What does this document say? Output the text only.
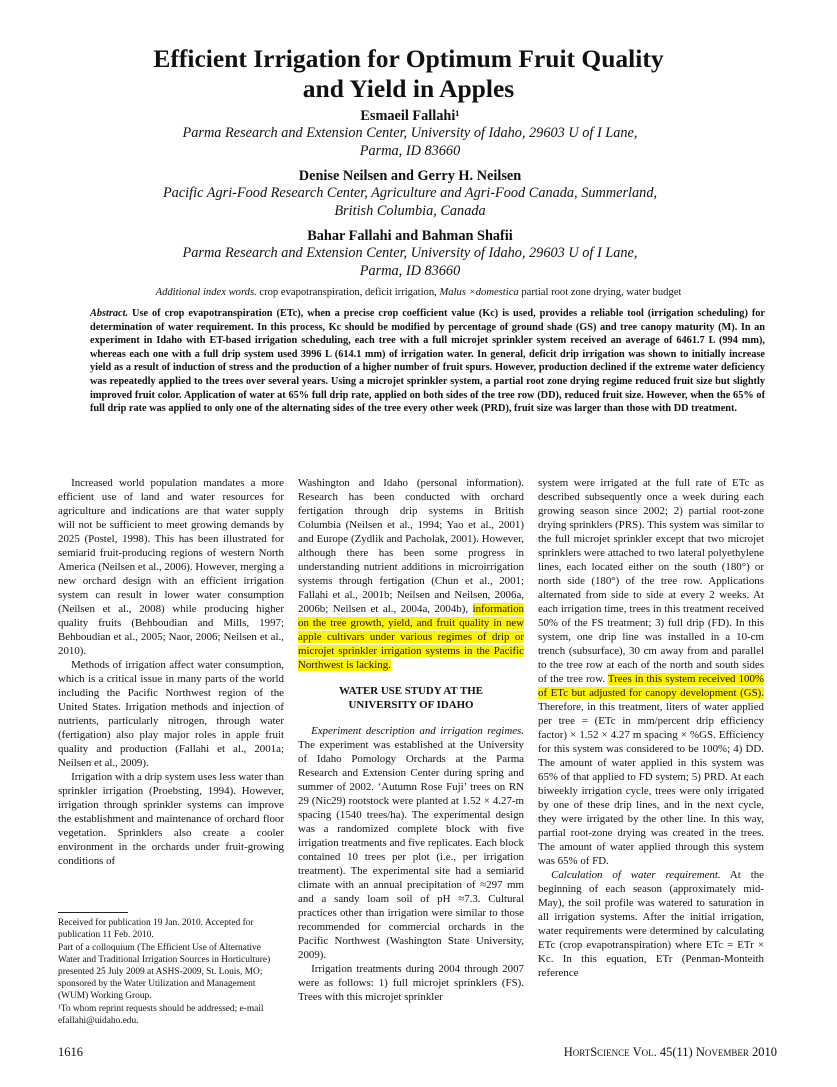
Efficient Irrigation for Optimum Fruit Quality
and Yield in Apples
Esmaeil Fallahi¹
Parma Research and Extension Center, University of Idaho, 29603 U of I Lane,
Parma, ID 83660
Denise Neilsen and Gerry H. Neilsen
Pacific Agri-Food Research Center, Agriculture and Agri-Food Canada, Summerland,
British Columbia, Canada
Bahar Fallahi and Bahman Shafii
Parma Research and Extension Center, University of Idaho, 29603 U of I Lane,
Parma, ID 83660
Additional index words. crop evapotranspiration, deficit irrigation, Malus ×domestica partial root zone drying, water budget

Abstract. Use of crop evapotranspiration (ETc), when a precise crop coefficient value (Kc) is used, provides a reliable tool (irrigation scheduling) for determination of water requirement. In this process, Kc should be modified by percentage of ground shade (GS) and tree canopy maturity (M). In an experiment in Idaho with ET-based irrigation scheduling, each tree with a full microjet sprinkler system received an average of 6461.7 L (994 mm), whereas each one with a full drip system used 3996 L (614.1 mm) of irrigation water. In general, deficit drip irrigation was shown to initially increase yield as a result of induction of stress and the production of a higher number of fruit spurs. However, production declined if the extreme water deficiency was repeatedly applied to the trees over several years. Using a microjet sprinkler system, a partial root zone drying regime reduced fruit size but slightly improved fruit color. Application of water at 65% full drip rate, applied on both sides of the tree row (DD), reduced fruit size. However, when the 65% of full drip rate was applied to only one of the alternating sides of the tree every other week (PRD), fruit size was larger than those with DD treatment.

Increased world population mandates a more efficient use of land and water resources for agriculture and indications are that water supply will not be sufficient to meet growing demands by 2025 (Postel, 1998). This has been illustrated for semiarid fruit-producing regions of western North America (Neilsen et al., 2006). However, merging a new orchard design with an efficient irrigation system can result in lower water consumption (Neilsen et al., 2008) while producing higher quality fruits (Behboudian and Mills, 1997; Behboudian et al., 2005; Naor, 2006; Neilsen et al., 2010).

Methods of irrigation affect water consumption, which is a critical issue in many parts of the world including the Pacific Northwest region of the United States. Irrigation methods and injection of nutrients, particularly nitrogen, through water (fertigation) also play major roles in apple fruit quality and production (Fallahi et al., 2001a; Neilsen et al., 2009).

Irrigation with a drip system uses less water than sprinkler irrigation (Proebsting, 1994). However, irrigation through sprinkler systems can improve the establishment and maintenance of orchard floor vegetation. Sprinklers also create a cooler environment in the orchards under fruit-growing conditions of

Received for publication 19 Jan. 2010. Accepted for publication 11 Feb. 2010.

Part of a colloquium (The Efficient Use of Alternative Water and Traditional Irrigation Sources in Horticulture) presented 25 July 2009 at ASHS-2009, St. Louis, MO; sponsored by the Water Utilization and Management (WUM) Working Group.

¹To whom reprint requests should be addressed; e-mail efallahi@uidaho.edu.

Washington and Idaho (personal information). Research has been conducted with orchard fertigation through drip systems in British Columbia (Neilsen et al., 1994; Yao et al., 2001) and Europe (Zydlik and Pacholak, 2001). However, although there has been some progress in understanding nutrient additions in microirrigation systems through fertigation (Chun et al., 2001; Fallahi et al., 2001b; Neilsen and Neilsen, 2006a, 2006b; Neilsen et al., 2004a, 2004b), information on the tree growth, yield, and fruit quality in new apple cultivars under various regimes of drip or microjet sprinkler irrigation systems in the Pacific Northwest is lacking.

WATER USE STUDY AT THE
UNIVERSITY OF IDAHO

Experiment description and irrigation regimes. The experiment was established at the University of Idaho Pomology Orchards at the Parma Research and Extension Center during spring and summer of 2002. ‘Autumn Rose Fuji’ trees on RN 29 (Nic29) rootstock were planted at 1.52 × 4.27-m spacing (1540 trees/ha). The experimental design was a randomized complete block with five irrigation treatments and five replicates. Each block contained 10 trees per plot (i.e., per irrigation treatment). The experimental site had a semiarid climate with an annual precipitation of ≈297 mm and a sandy loam soil of pH ≈7.3. Cultural practices other than irrigation were similar to those recommended for commercial orchards in the Pacific Northwest (Washington State University, 2009).

Irrigation treatments during 2004 through 2007 were as follows: 1) full microjet sprinklers (FS). Trees with this microjet sprinkler

system were irrigated at the full rate of ETc as described subsequently once a week during each growing season since 2002; 2) partial root-zone drying sprinklers (PRS). This system was similar to the full microjet sprinkler except that two microjet sprinklers were attached to two lateral polyethylene lines, each located either on the south (180°) or north side (180°) of the tree row. Applications alternated from side to side at every 2 weeks. At each irrigation time, trees in this treatment received 50% of the FS treatment; 3) full drip (FD). In this system, one drip line was installed in a 10-cm trench (subsurface), 30 cm away from and parallel to the tree row at each of the north and south sides of the tree row. Trees in this system received 100% of ETc but adjusted for canopy development (GS). Therefore, in this treatment, liters of water applied per tree = (ETc in mm/percent drip efficiency factor) × 1.52 × 4.27 m spacing × %GS. Efficiency for this system was considered to be 100%; 4) DD. The amount of water applied in this system was 65% of that applied to FD system; 5) PRD. At each biweekly irrigation cycle, trees were only irrigated by one of these drip lines, and in the next cycle, they were irrigated by the other line. In this way, partial root-zone drying was created in the trees. The amount of water applied through this system was 65% of FD.

Calculation of water requirement. At the beginning of each season (approximately mid-May), the soil profile was watered to saturation in all irrigation systems. After the initial irrigation, water requirements were determined by calculating ETc (crop evapotranspiration) where ETc = ETr × Kc. In this equation, ETr (Penman-Monteith reference

1616	HortScience Vol. 45(11) November 2010
